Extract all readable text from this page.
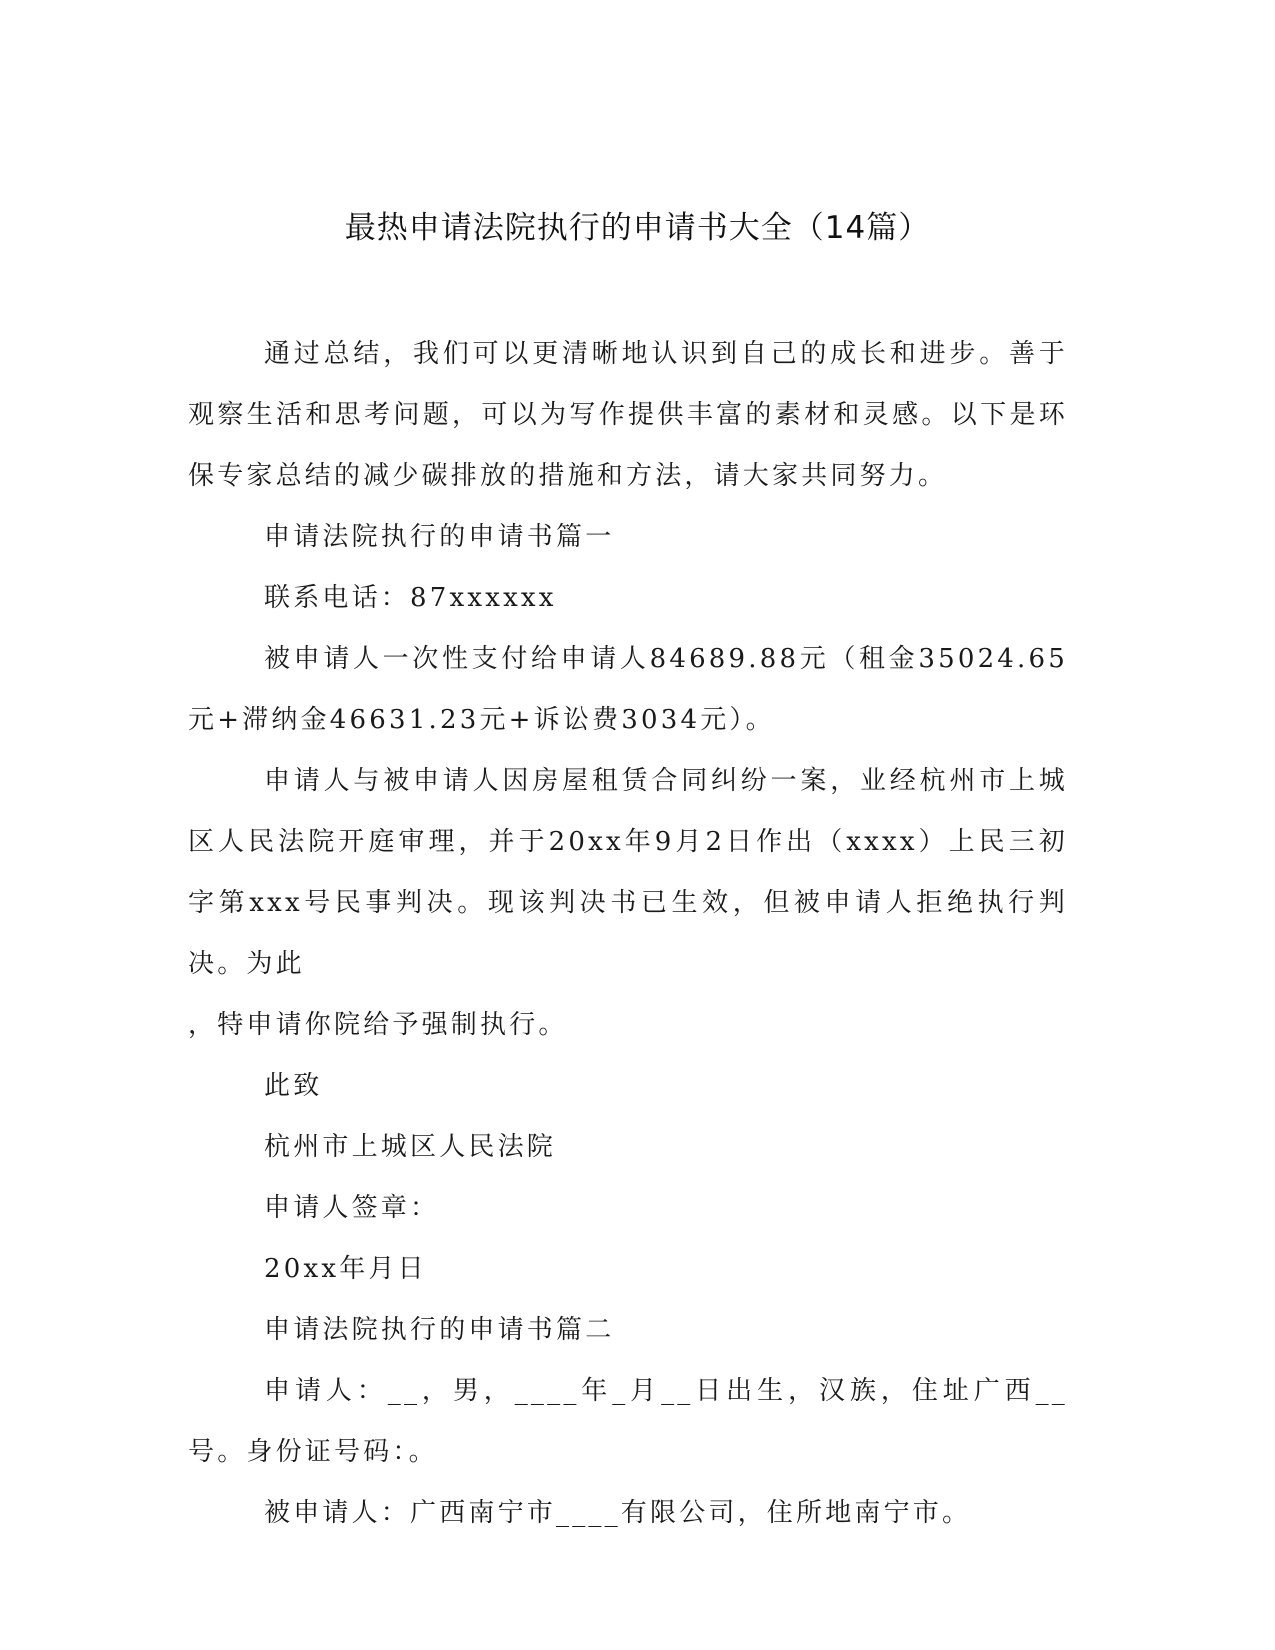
最热申请法院执行的申请书大全（14篇）

通过总结，我们可以更清晰地认识到自己的成长和进步。善于观察生活和思考问题，可以为写作提供丰富的素材和灵感。以下是环保专家总结的减少碳排放的措施和方法，请大家共同努力。

申请法院执行的申请书篇一

联系电话：87xxxxxx

被申请人一次性支付给申请人84689.88元（租金35024.65元+滞纳金46631.23元+诉讼费3034元）。

申请人与被申请人因房屋租赁合同纠纷一案，业经杭州市上城区人民法院开庭审理，并于20xx年9月2日作出（xxxx）上民三初字第xxx号民事判决。现该判决书已生效，但被申请人拒绝执行判决。为此

，特申请你院给予强制执行。

此致

杭州市上城区人民法院

申请人签章：

20xx年月日

申请法院执行的申请书篇二

申请人：__，男，____年_月__日出生，汉族，住址广西__号。身份证号码：。

被申请人：广西南宁市____有限公司，住所地南宁市。
